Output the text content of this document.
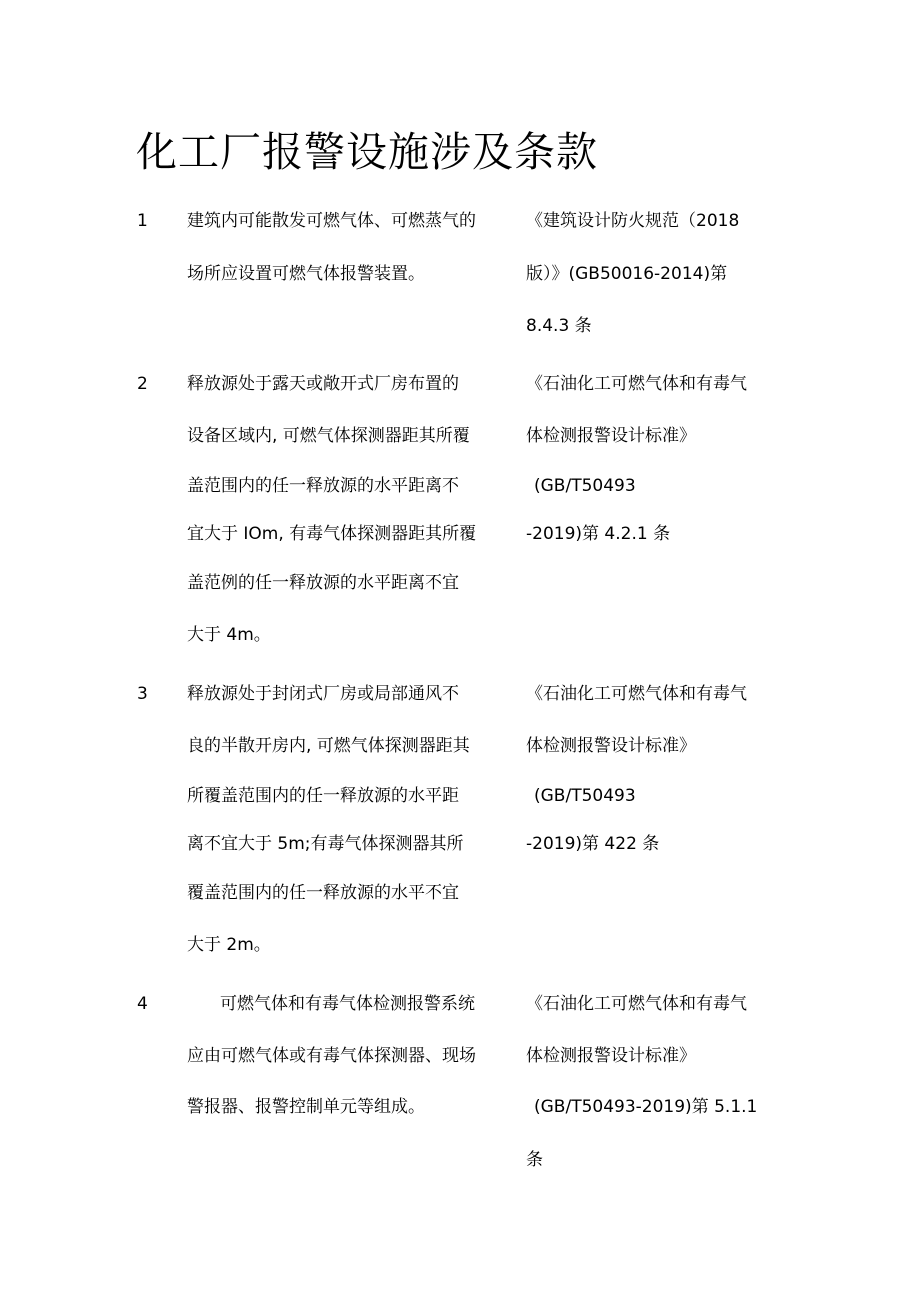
化工厂报警设施涉及条款
1 建筑内可能散发可燃气体、可燃蒸气的
场所应设置可燃气体报警装置。
《建筑设计防火规范（2018
版）》(GB50016-2014)第
8.4.3 条
2 释放源处于露天或敞开式厂房布置的
设备区域内, 可燃气体探测器距其所覆
盖范围内的任一释放源的水平距离不
宜大于 IOm, 有毒气体探测器距其所覆
盖范例的任一释放源的水平距离不宜
大于 4m。
《石油化工可燃气体和有毒气
体检测报警设计标准》
(GB/T50493
-2019)第 4.2.1 条
3 释放源处于封闭式厂房或局部通风不
良的半散开房内, 可燃气体探测器距其
所覆盖范围内的任一释放源的水平距
离不宜大于 5m;有毒气体探测器其所
覆盖范围内的任一释放源的水平不宜
大于 2m。
《石油化工可燃气体和有毒气
体检测报警设计标准》
(GB/T50493
-2019)第 422 条
4	可燃气体和有毒气体检测报警系统
应由可燃气体或有毒气体探测器、现场
警报器、报警控制单元等组成。
《石油化工可燃气体和有毒气
体检测报警设计标准》
(GB/T50493-2019)第 5.1.1
条
